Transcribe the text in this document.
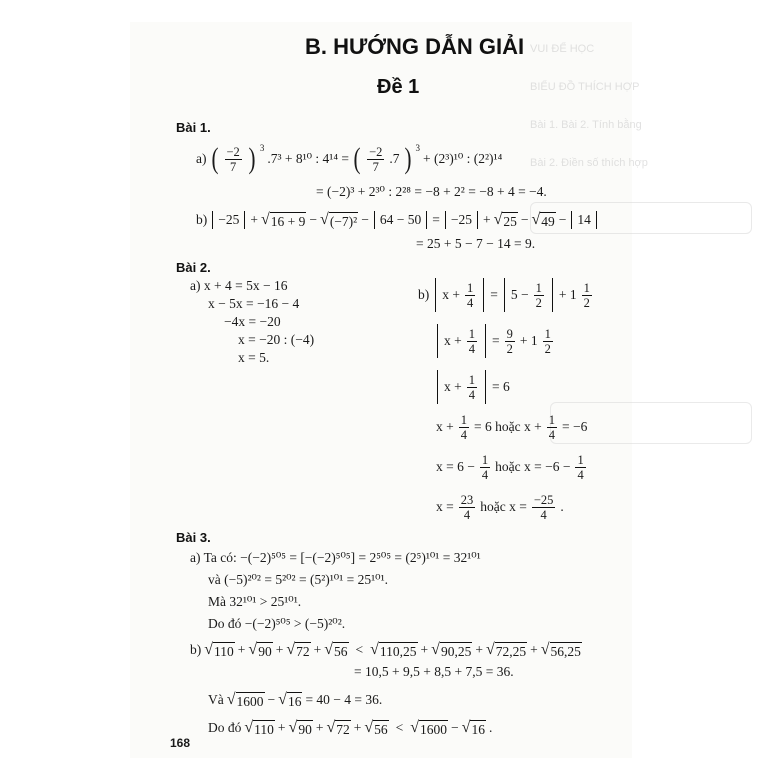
VUI ĐỂ HỌC
BIỂU ĐỒ THÍCH HỢP
Bài 1. Bài 2. Tính bằng
Bài 2. Điền số thích hợp
B. HƯỚNG DẪN GIẢI
Đề 1
Bài 1.
a) ( $\frac{-2}{7}$ ) $^3$
.7³ + 8¹⁰ : 4¹⁴ = ( $\frac{-2}{7} .7$ ) $^3$
+ (2³)¹⁰ : (2²)¹⁴
= (−2)³ + 2³⁰ : 2²⁸ = −8 + 2² = −8 + 4 = −4.
b) −25 + √ 16 + 9 − √ (−7)² − 64 − 50 = −25 + √ 25 − √ 49 − 14
= 25 + 5 − 7 − 14 = 9.
Bài 2.
a) x + 4 = 5x − 16
x − 5x = −16 − 4
−4x = −20
x = −20 : (−4)
x = 5.
b) $x + \frac{1}{4} = 5 - \frac{1}{2} + 1 \frac{1}{2}$
$x + \frac{1}{4} = \frac{9}{2} + 1 \frac{1}{2}$
$x + \frac{1}{4} = 6$
$x + \frac{1}{4} = 6$ hoặc $x + \frac{1}{4} = -6$
$x = 6 - \frac{1}{4}$ hoặc $x = -6 - \frac{1}{4}$
$x = \frac{23}{4}$ hoặc $x = \frac{-25}{4}$ .
Bài 3.
a) Ta có: −(−2)⁵⁰⁵ = [−(−2)⁵⁰⁵] = 2⁵⁰⁵ = (2⁵)¹⁰¹ = 32¹⁰¹
và (−5)²⁰² = 5²⁰² = (5²)¹⁰¹ = 25¹⁰¹.
Mà 32¹⁰¹ > 25¹⁰¹.
Do đó −(−2)⁵⁰⁵ > (−5)²⁰².
b) √ 110 + √ 90 + √ 72 + √ 56 < √ 110,25 + √ 90,25 + √ 72,25 + √ 56,25
= 10,5 + 9,5 + 8,5 + 7,5 = 36.
Và √ 1600 − √ 16 = 40 − 4 = 36.
Do đó √ 110 + √ 90 + √ 72 + √ 56 < √ 1600 − √ 16 .
168
